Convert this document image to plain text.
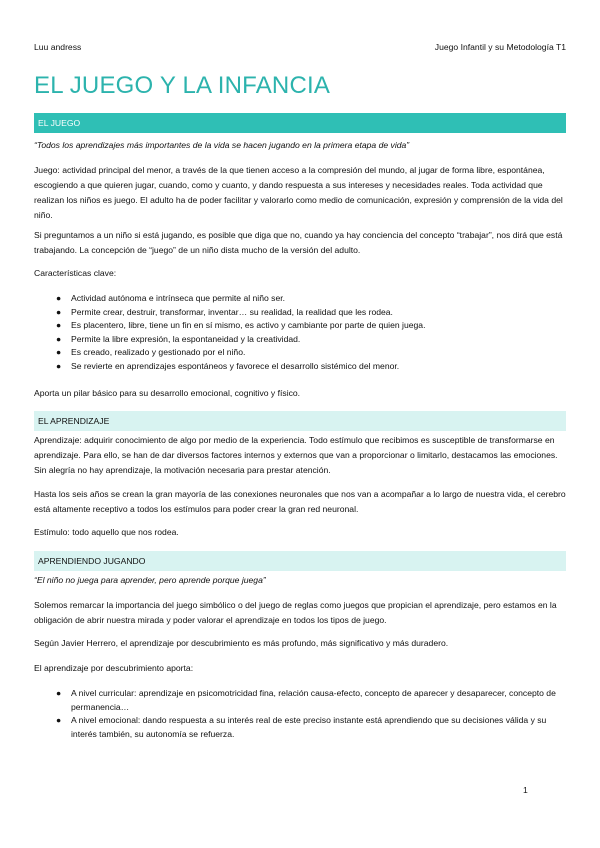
Luu andress	Juego Infantil y su Metodología T1
EL JUEGO Y LA INFANCIA
EL JUEGO
“Todos los aprendizajes más importantes de la vida se hacen jugando en la primera etapa de vida”
Juego: actividad principal del menor, a través de la que tienen acceso a la compresión del mundo, al jugar de forma libre, espontánea, escogiendo a que quieren jugar, cuando, como y cuanto, y dando respuesta a sus intereses y necesidades reales. Toda actividad que realizan los niños es juego. El adulto ha de poder facilitar y valorarlo como medio de comunicación, expresión y comprensión de la vida del niño.
Si preguntamos a un niño si está jugando, es posible que diga que no, cuando ya hay conciencia del concepto “trabajar”, nos dirá que está trabajando. La concepción de “juego” de un niño dista mucho de la versión del adulto.
Características clave:
● Actividad autónoma e intrínseca que permite al niño ser.
● Permite crear, destruir, transformar, inventar… su realidad, la realidad que les rodea.
● Es placentero, libre, tiene un fin en sí mismo, es activo y cambiante por parte de quien juega.
● Permite la libre expresión, la espontaneidad y la creatividad.
● Es creado, realizado y gestionado por el niño.
● Se revierte en aprendizajes espontáneos y favorece el desarrollo sistémico del menor.
Aporta un pilar básico para su desarrollo emocional, cognitivo y físico.
EL APRENDIZAJE
Aprendizaje: adquirir conocimiento de algo por medio de la experiencia. Todo estímulo que recibimos es susceptible de transformarse en aprendizaje. Para ello, se han de dar diversos factores internos y externos que van a proporcionar o limitarlo, destacamos las emociones. Sin alegría no hay aprendizaje, la motivación necesaria para prestar atención.
Hasta los seis años se crean la gran mayoría de las conexiones neuronales que nos van a acompañar a lo largo de nuestra vida, el cerebro está altamente receptivo a todos los estímulos para poder crear la gran red neuronal.
Estímulo: todo aquello que nos rodea.
APRENDIENDO JUGANDO
“El niño no juega para aprender, pero aprende porque juega”
Solemos remarcar la importancia del juego simbólico o del juego de reglas como juegos que propician el aprendizaje, pero estamos en la obligación de abrir nuestra mirada y poder valorar el aprendizaje en todos los tipos de juego.
Según Javier Herrero, el aprendizaje por descubrimiento es más profundo, más significativo y más duradero.
El aprendizaje por descubrimiento aporta:
● A nivel curricular: aprendizaje en psicomotricidad fina, relación causa-efecto, concepto de aparecer y desaparecer, concepto de permanencia…
● A nivel emocional: dando respuesta a su interés real de este preciso instante está aprendiendo que su decisiones válida y su interés también, su autonomía se refuerza.
1
